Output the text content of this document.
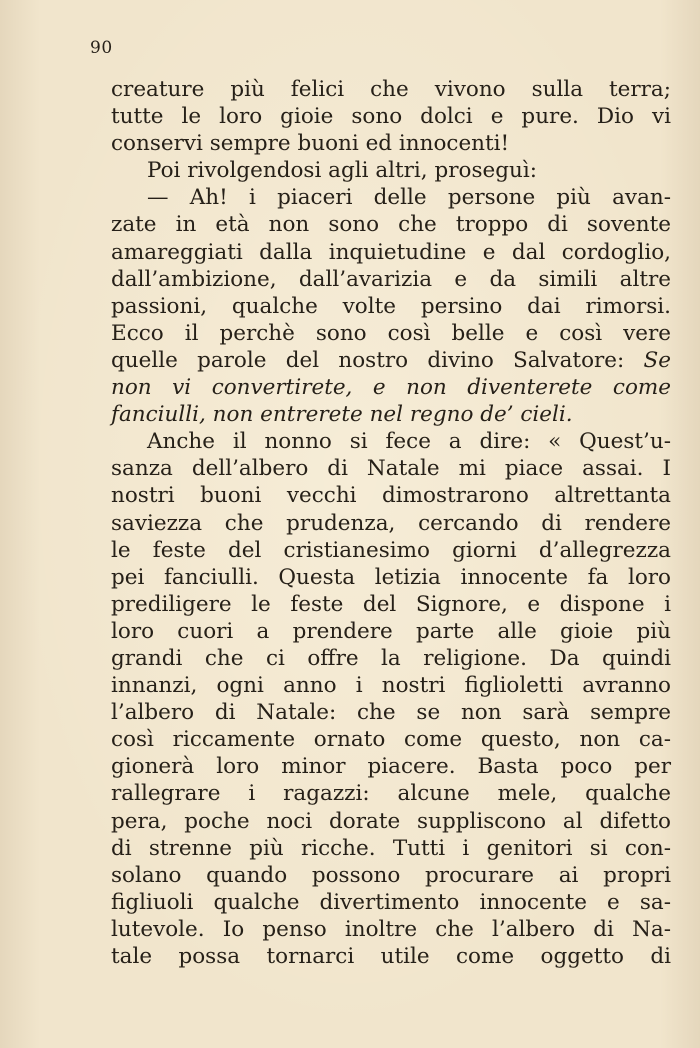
90
creature più felici che vivono sulla terra;
tutte le loro gioie sono dolci e pure. Dio vi
conservi sempre buoni ed innocenti!
Poi rivolgendosi agli altri, proseguì:
— Ah! i piaceri delle persone più avan-
zate in età non sono che troppo di sovente
amareggiati dalla inquietudine e dal cordoglio,
dall’ambizione, dall’avarizia e da simili altre
passioni, qualche volte persino dai rimorsi.
Ecco il perchè sono così belle e così vere
quelle parole del nostro divino Salvatore: Se
non vi convertirete, e non diventerete come
fanciulli, non entrerete nel regno de’ cieli.
Anche il nonno si fece a dire: « Quest’u-
sanza dell’albero di Natale mi piace assai. I
nostri buoni vecchi dimostrarono altrettanta
saviezza che prudenza, cercando di rendere
le feste del cristianesimo giorni d’allegrezza
pei fanciulli. Questa letizia innocente fa loro
prediligere le feste del Signore, e dispone i
loro cuori a prendere parte alle gioie più
grandi che ci offre la religione. Da quindi
innanzi, ogni anno i nostri figlioletti avranno
l’albero di Natale: che se non sarà sempre
così riccamente ornato come questo, non ca-
gionerà loro minor piacere. Basta poco per
rallegrare i ragazzi: alcune mele, qualche
pera, poche noci dorate suppliscono al difetto
di strenne più ricche. Tutti i genitori si con-
solano quando possono procurare ai propri
figliuoli qualche divertimento innocente e sa-
lutevole. Io penso inoltre che l’albero di Na-
tale possa tornarci utile come oggetto di
